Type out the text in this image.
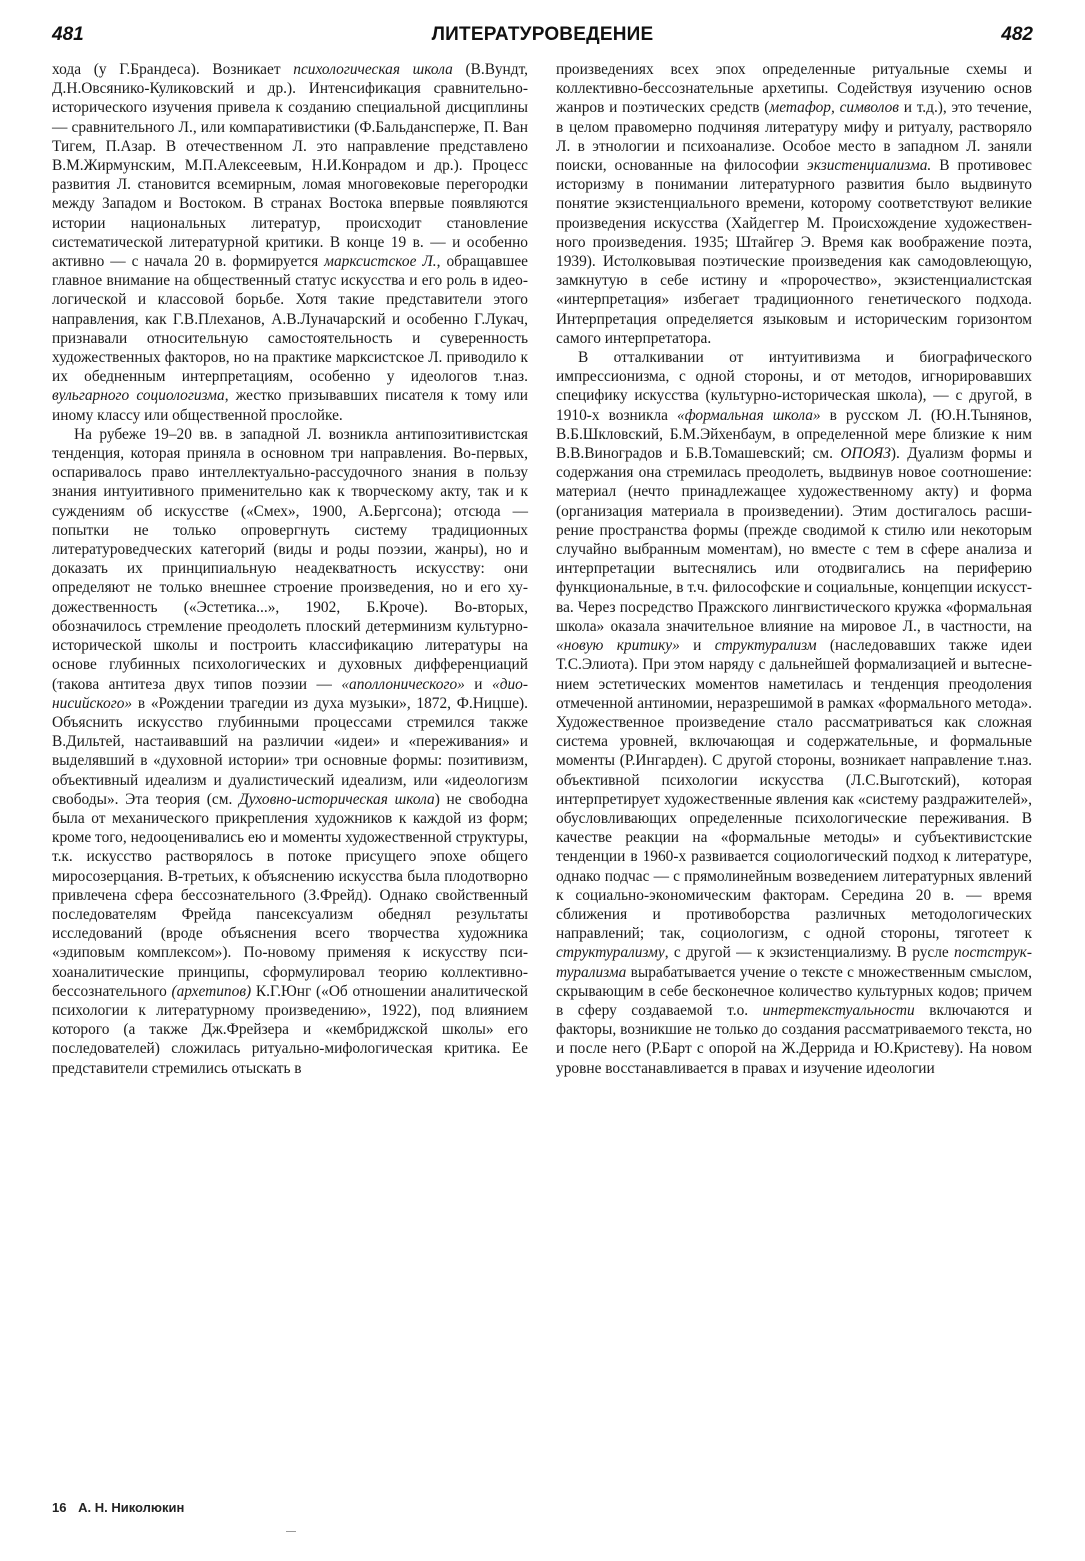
481	ЛИТЕРАТУРОВЕДЕНИЕ	482

хода (у Г.Брандеса). Возникает психологическая школа (В.Вундт, Д.Н.Овсянико-Куликовский и др.). Интенсификация сравнительно-исторического изучения привела к созданию специальной дисциплины — сравнительного Л., или компаративистики (Ф.Бальдансперже, П. Ван Тигем, П.Азар. В отечественном Л. это направление представлено В.М.Жирмунским, М.П.Алексеевым, Н.И.Конрадом и др.). Процесс развития Л. становится всемирным, ломая многовековые перегородки между Западом и Востоком. В странах Востока впервые появляются истории национальных литератур, происходит становление систематической литературной критики. В конце 19 в. — и особенно активно — с начала 20 в. формируется марксистское Л., обращавшее главное внимание на общественный статус искусства и его роль в идеологической и классовой борьбе. Хотя такие представители этого направления, как Г.В.Плеханов, А.В.Луначарский и особенно Г.Лукач, признавали относительную самостоятельность и суверенность художественных факторов, но на практике марксистское Л. приводило к их обедненным интерпретациям, особенно у идеологов т.наз. вульгарного социологизма, жестко призывавших писателя к тому или иному классу или общественной прослойке.

На рубеже 19–20 вв. в западной Л. возникла антипозитивистская тенденция, которая приняла в основном три направления. Во-первых, оспаривалось право интеллектуально-рассудочного знания в пользу знания интуитивного применительно как к творческому акту, так и к суждениям об искусстве («Смех», 1900, А.Бергсона); отсюда — попытки не только опровергнуть систему традиционных литературоведческих категорий (виды и роды поэзии, жанры), но и доказать их принципиальную неадекватность искусству: они определяют не только внешнее строение произведения, но и его художественность («Эстетика...», 1902, Б.Кроче). Во-вторых, обозначилось стремление преодолеть плоский детерминизм культурно-исторической школы и построить классификацию литературы на основе глубинных психологических и духовных дифференциаций (такова антитеза двух типов поэзии — «аполлонического» и «дионисийского» в «Рождении трагедии из духа музыки», 1872, Ф.Ницше). Объяснить искусство глубинными процессами стремился также В.Дильтей, настаивавший на различии «идеи» и «переживания» и выделявший в «духовной истории» три основные формы: позитивизм, объективный идеализм и дуалистический идеализм, или «идеологизм свободы». Эта теория (см. Духовно-историческая школа) не свободна была от механического прикрепления художников к каждой из форм; кроме того, недооценивались ею и моменты художественной структуры, т.к. искусство растворялось в потоке присущего эпохе общего миросозерцания. В-третьих, к объяснению искусства была плодотворно привлечена сфера бессознательного (З.Фрейд). Однако свойственный последователям Фрейда пансексуализм обеднял результаты исследований (вроде объяснения всего творчества художника «эдиповым комплексом»). По-новому применяя к искусству психоаналитические принципы, сформулировал теорию коллективно-бессознательного (архетипов) К.Г.Юнг («Об отношении аналитической психологии к литературному произведению», 1922), под влиянием которого (а также Дж.Фрейзера и «кембриджской школы» его последователей) сложилась ритуально-мифологическая критика. Ее представители стремились отыскать в

произведениях всех эпох определенные ритуальные схемы и коллективно-бессознательные архетипы. Содействуя изучению основ жанров и поэтических средств (метафор, символов и т.д.), это течение, в целом правомерно подчиняя литературу мифу и ритуалу, растворяло Л. в этнологии и психоанализе. Особое место в западном Л. заняли поиски, основанные на философии экзистенциализма. В противовес историзму в понимании литературного развития было выдвинуто понятие экзистенциального времени, которому соответствуют великие произведения искусства (Хайдеггер М. Происхождение художественного произведения. 1935; Штайгер Э. Время как воображение поэта, 1939). Истолковывая поэтические произведения как самодовлеющую, замкнутую в себе истину и «пророчество», экзистенциалистская «интерпретация» избегает традиционного генетического подхода. Интерпретация определяется языковым и историческим горизонтом самого интерпретатора.

В отталкивании от интуитивизма и биографического импрессионизма, с одной стороны, и от методов, игнорировавших специфику искусства (культурно-историческая школа), — с другой, в 1910-х возникла «формальная школа» в русском Л. (Ю.Н.Тынянов, В.Б.Шкловский, Б.М.Эйхенбаум, в определенной мере близкие к ним В.В.Виноградов и Б.В.Томашевский; см. ОПОЯЗ). Дуализм формы и содержания она стремилась преодолеть, выдвинув новое соотношение: материал (нечто принадлежащее художественному акту) и форма (организация материала в произведении). Этим достигалось расширение пространства формы (прежде сводимой к стилю или некоторым случайно выбранным моментам), но вместе с тем в сфере анализа и интерпретации вытеснялись или отодвигались на периферию функциональные, в т.ч. философские и социальные, концепции искусства. Через посредство Пражского лингвистического кружка «формальная школа» оказала значительное влияние на мировое Л., в частности, на «новую критику» и структурализм (наследовавших также идеи Т.С.Элиота). При этом наряду с дальнейшей формализацией и вытеснением эстетических моментов наметилась и тенденция преодоления отмеченной антиномии, неразрешимой в рамках «формального метода». Художественное произведение стало рассматриваться как сложная система уровней, включающая и содержательные, и формальные моменты (Р.Ингарден). С другой стороны, возникает направление т.наз. объективной психологии искусства (Л.С.Выготский), которая интерпретирует художественные явления как «систему раздражителей», обусловливающих определенные психологические переживания. В качестве реакции на «формальные методы» и субъективистские тенденции в 1960-х развивается социологический подход к литературе, однако подчас — с прямолинейным возведением литературных явлений к социально-экономическим факторам. Середина 20 в. — время сближения и противоборства различных методологических направлений; так, социологизм, с одной стороны, тяготеет к структурализму, с другой — к экзистенциализму. В русле постструктурализма вырабатывается учение о тексте с множественным смыслом, скрывающим в себе бесконечное количество культурных кодов; причем в сферу создаваемой т.о. интертекстуальности включаются и факторы, возникшие не только до создания рассматриваемого текста, но и после него (Р.Барт с опорой на Ж.Деррида и Ю.Кристеву). На новом уровне восстанавливается в правах и изучение идеологии

16 А. Н. Николюкин
